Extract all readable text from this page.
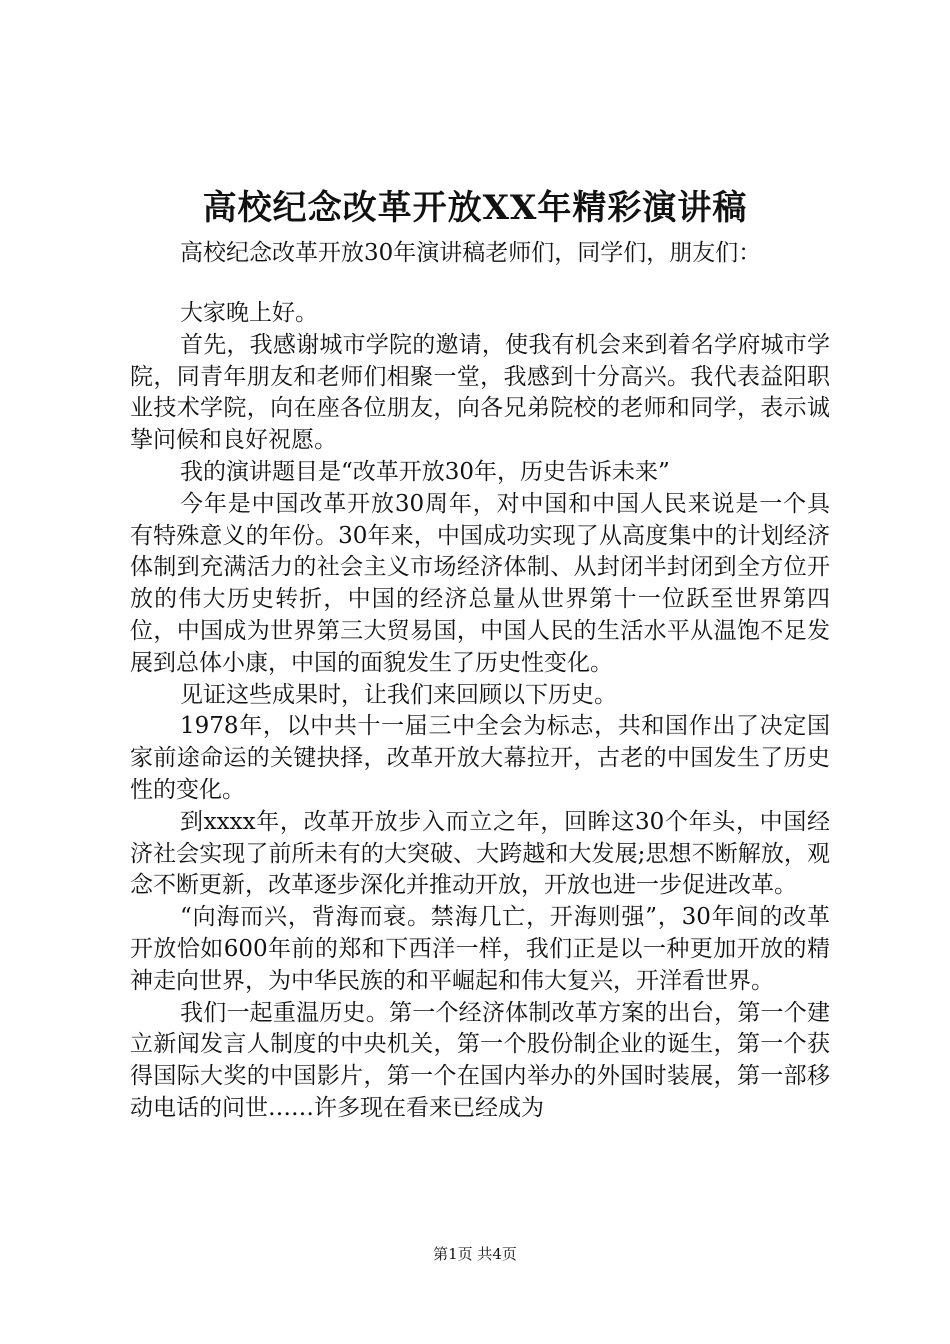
高校纪念改革开放XX年精彩演讲稿
高校纪念改革开放30年演讲稿老师们，同学们，朋友们：

大家晚上好。

首先，我感谢城市学院的邀请，使我有机会来到着名学府城市学院，同青年朋友和老师们相聚一堂，我感到十分高兴。我代表益阳职业技术学院，向在座各位朋友，向各兄弟院校的老师和同学，表示诚挚问候和良好祝愿。

我的演讲题目是“改革开放30年，历史告诉未来”

今年是中国改革开放30周年，对中国和中国人民来说是一个具有特殊意义的年份。30年来，中国成功实现了从高度集中的计划经济体制到充满活力的社会主义市场经济体制、从封闭半封闭到全方位开放的伟大历史转折，中国的经济总量从世界第十一位跃至世界第四位，中国成为世界第三大贸易国，中国人民的生活水平从温饱不足发展到总体小康，中国的面貌发生了历史性变化。

见证这些成果时，让我们来回顾以下历史。

1978年，以中共十一届三中全会为标志，共和国作出了决定国家前途命运的关键抉择，改革开放大幕拉开，古老的中国发生了历史性的变化。

到xxxx年，改革开放步入而立之年，回眸这30个年头，中国经济社会实现了前所未有的大突破、大跨越和大发展;思想不断解放，观念不断更新，改革逐步深化并推动开放，开放也进一步促进改革。

“向海而兴，背海而衰。禁海几亡，开海则强”，30年间的改革开放恰如600年前的郑和下西洋一样，我们正是以一种更加开放的精神走向世界，为中华民族的和平崛起和伟大复兴，开洋看世界。

我们一起重温历史。第一个经济体制改革方案的出台，第一个建立新闻发言人制度的中央机关，第一个股份制企业的诞生，第一个获得国际大奖的中国影片，第一个在国内举办的外国时装展，第一部移动电话的问世……许多现在看来已经成为

第1页 共4页
